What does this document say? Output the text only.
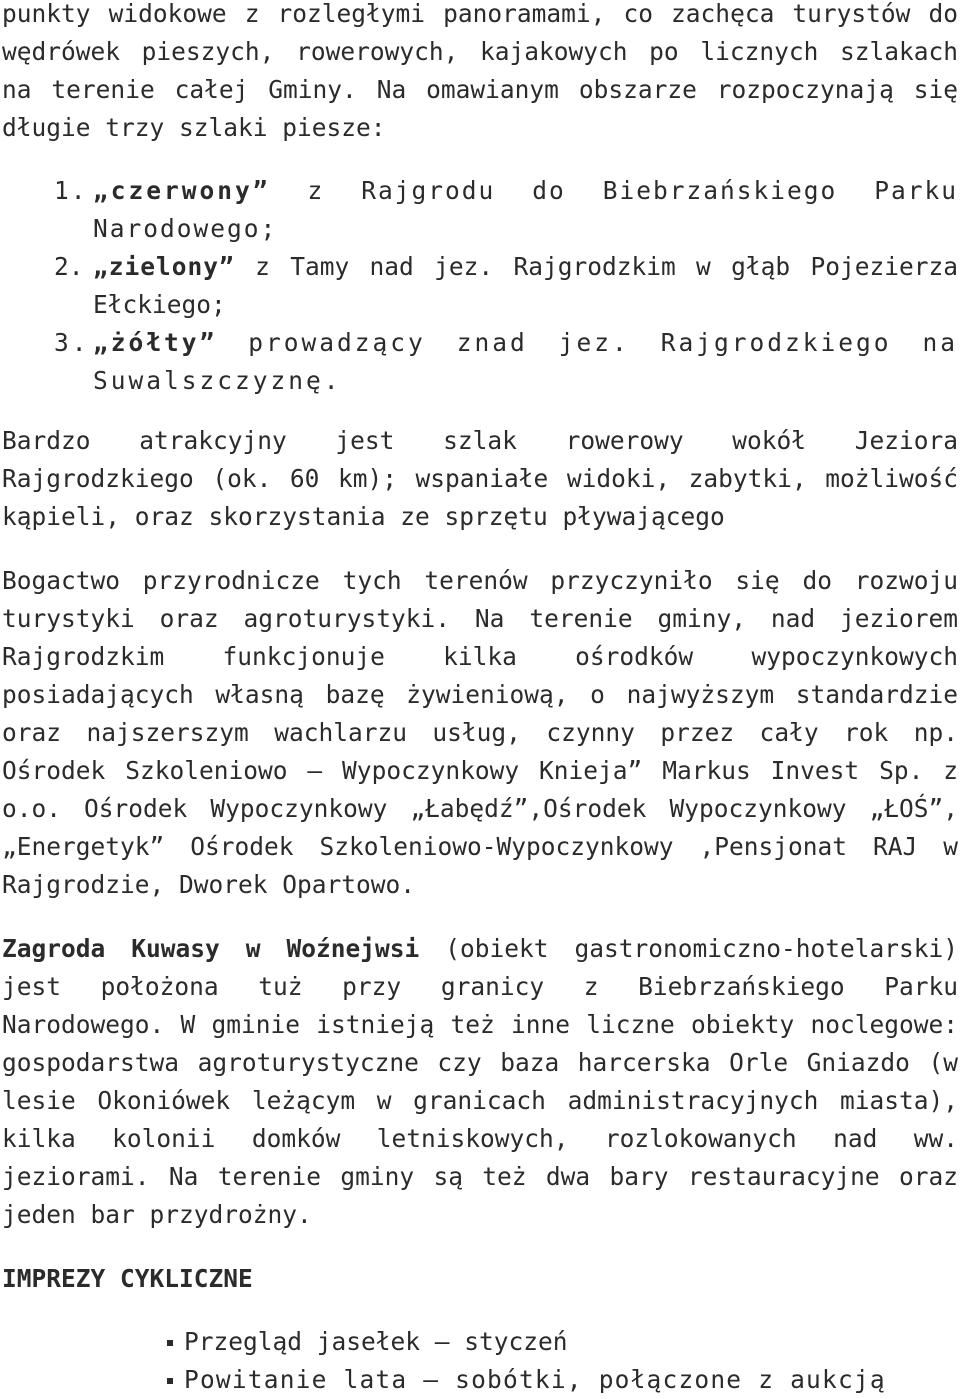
punkty widokowe z rozległymi panoramami, co zachęca turystów do wędrówek pieszych, rowerowych, kajakowych po licznych szlakach na terenie całej Gminy. Na omawianym obszarze rozpoczynają się długie trzy szlaki piesze:

1. „czerwony” z Rajgrodu do Biebrzańskiego Parku Narodowego;
2. „zielony” z Tamy nad jez. Rajgrodzkim w głąb Pojezierza Ełckiego;
3. „żółty” prowadzący znad jez. Rajgrodzkiego na Suwalszczyznę.

Bardzo atrakcyjny jest szlak rowerowy wokół Jeziora Rajgrodzkiego (ok. 60 km); wspaniałe widoki, zabytki, możliwość kąpieli, oraz skorzystania ze sprzętu pływającego

Bogactwo przyrodnicze tych terenów przyczyniło się do rozwoju turystyki oraz agroturystyki. Na terenie gminy, nad jeziorem Rajgrodzkim funkcjonuje kilka ośrodków wypoczynkowych posiadających własną bazę żywieniową, o najwyższym standardzie oraz najszerszym wachlarzu usług, czynny przez cały rok np. Ośrodek Szkoleniowo – Wypoczynkowy Knieja” Markus Invest Sp. z o.o. Ośrodek Wypoczynkowy „Łabędź”,Ośrodek Wypoczynkowy „ŁOŚ”,„Energetyk” Ośrodek Szkoleniowo-Wypoczynkowy ,Pensjonat RAJ w Rajgrodzie, Dworek Opartowo.

Zagroda Kuwasy w Woźnejwsi (obiekt gastronomiczno-hotelarski) jest położona tuż przy granicy z Biebrzańskiego Parku Narodowego. W gminie istnieją też inne liczne obiekty noclegowe: gospodarstwa agroturystyczne czy baza harcerska Orle Gniazdo (w lesie Okoniówek leżącym w granicach administracyjnych miasta), kilka kolonii domków letniskowych, rozlokowanych nad ww. jeziorami. Na terenie gminy są też dwa bary restauracyjne oraz jeden bar przydrożny.

IMPREZY CYKLICZNE
Przegląd jasełek – styczeń
Powitanie lata – sobótki, połączone z aukcją
